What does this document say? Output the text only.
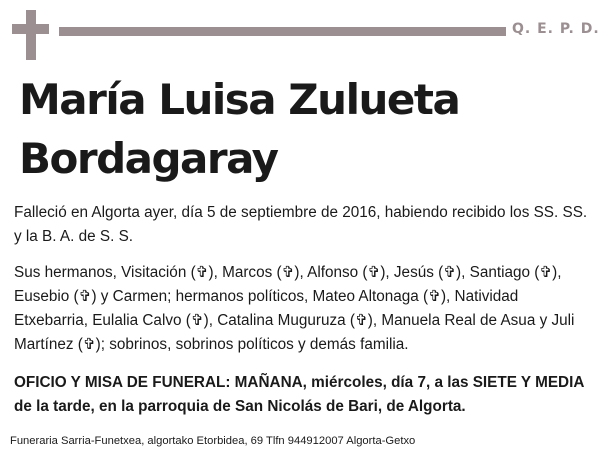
Q. E. P. D.
María Luisa Zulueta
Bordagaray

Falleció en Algorta ayer, día 5 de septiembre de 2016, habiendo recibido los SS. SS. y la B. A. de S. S.

Sus hermanos, Visitación (✞), Marcos (✞), Alfonso (✞), Jesús (✞), Santiago (✞), Eusebio (✞) y Carmen; hermanos políticos, Mateo Altonaga (✞), Natividad Etxebarria, Eulalia Calvo (✞), Catalina Muguruza (✞), Manuela Real de Asua y Juli Martínez (✞); sobrinos, sobrinos políticos y demás familia.

OFICIO Y MISA DE FUNERAL: MAÑANA, miércoles, día 7, a las SIETE Y MEDIA de la tarde, en la parroquia de San Nicolás de Bari, de Algorta.

Funeraria Sarria-Funetxea, algortako Etorbidea, 69 Tlfn 944912007 Algorta-Getxo
